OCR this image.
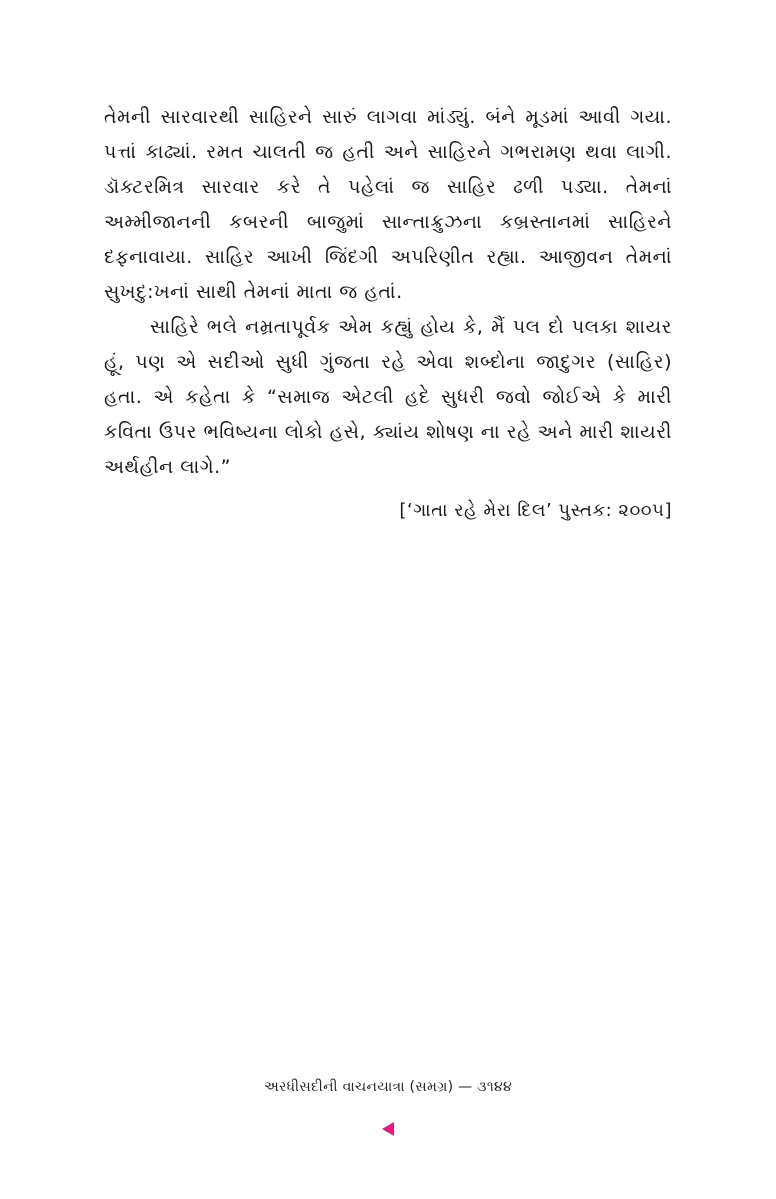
તેમની સારવારથી સાહિરને સારું લાગવા માંડ્યું. બંને મૂડમાં આવી ગયા. પત્તાં કાઢ્યાં. રમત ચાલતી જ હતી અને સાહિરને ગભરામણ થવા લાગી. ડૉક્ટરમિત્ર સારવાર કરે તે પહેલાં જ સાહિર ઢળી પડ્યા. તેમનાં અમ્મીજાનની કબરની બાજુમાં સાન્તાક્રુઝના કબ્રસ્તાનમાં સાહિરને દફનાવાયા. સાહિર આખી જિંદગી અપરિણીત રહ્યા. આજીવન તેમનાં સુખદુ:ખનાં સાથી તેમનાં માતા જ હતાં.

સાહિરે ભલે નમ્રતાપૂર્વક એમ કહ્યું હોય કે, મૈં પલ દો પલકા શાયર હૂં, પણ એ સદીઓ સુધી ગુંજતા રહે એવા શબ્દોના જાદુગર (સાહિર) હતા. એ કહેતા કે “સમાજ એટલી હદે સુધરી જવો જોઈએ કે મારી કવિતા ઉપર ભવિષ્યના લોકો હસે, ક્યાંય શોષણ ના રહે અને મારી શાયરી અર્થહીન લાગે.”

[‘ગાતા રહે મેરા દિલ’ પુસ્તક: ૨૦૦૫]

અરધીસદીની વાચનયાત્રા (સમગ્ર) — ૩૧૪૪
